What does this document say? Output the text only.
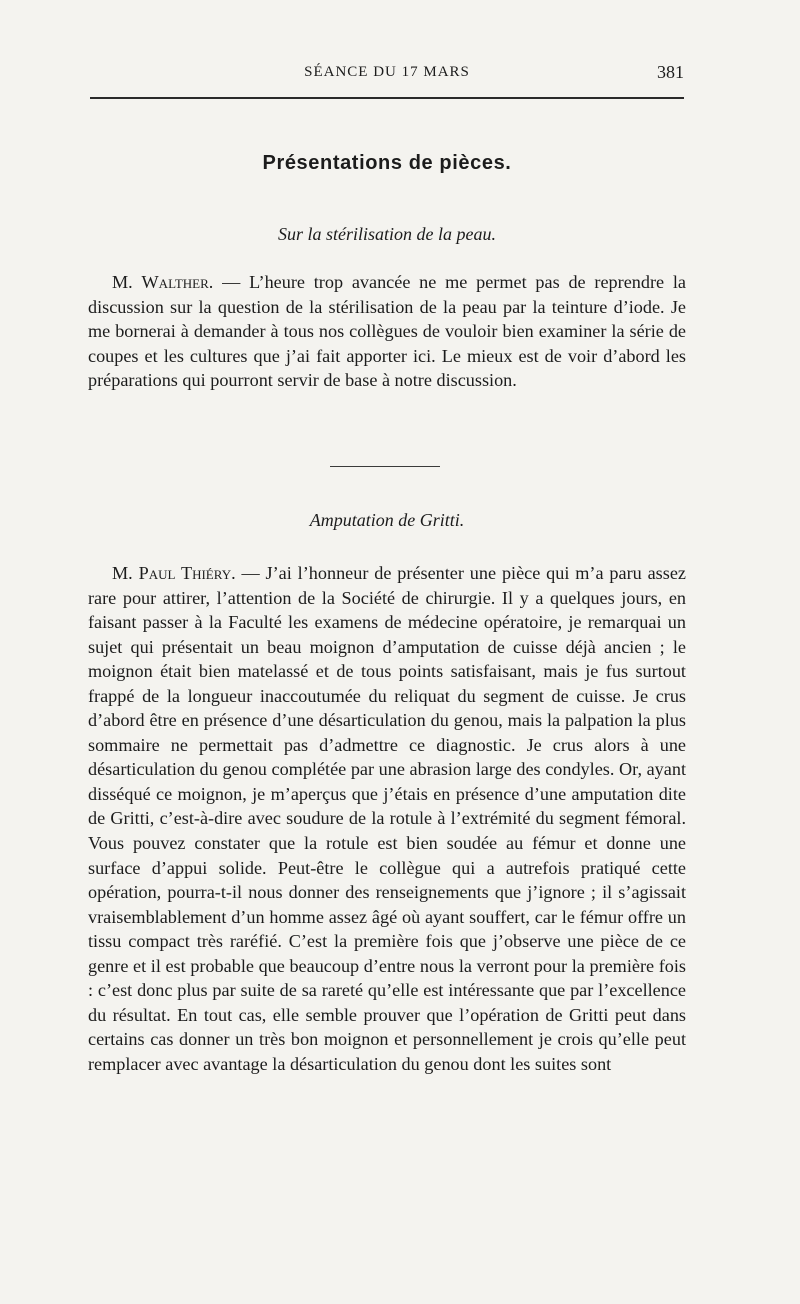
SÉANCE DU 17 MARS	381
Présentations de pièces.
Sur la stérilisation de la peau.

M. Walther. — L’heure trop avancée ne me permet pas de reprendre la discussion sur la question de la stérilisation de la peau par la teinture d’iode. Je me bornerai à demander à tous nos collègues de vouloir bien examiner la série de coupes et les cultures que j’ai fait apporter ici. Le mieux est de voir d’abord les préparations qui pourront servir de base à notre discussion.

Amputation de Gritti.

M. Paul Thiéry. — J’ai l’honneur de présenter une pièce qui m’a paru assez rare pour attirer, l’attention de la Société de chirurgie. Il y a quelques jours, en faisant passer à la Faculté les examens de médecine opératoire, je remarquai un sujet qui présentait un beau moignon d’amputation de cuisse déjà ancien ; le moignon était bien matelassé et de tous points satisfaisant, mais je fus surtout frappé de la longueur inaccoutumée du reliquat du segment de cuisse. Je crus d’abord être en présence d’une désarticulation du genou, mais la palpation la plus sommaire ne permettait pas d’admettre ce diagnostic. Je crus alors à une désarticulation du genou complétée par une abrasion large des condyles. Or, ayant disséqué ce moignon, je m’aperçus que j’étais en présence d’une amputation dite de Gritti, c’est-à-dire avec soudure de la rotule à l’extrémité du segment fémoral. Vous pouvez constater que la rotule est bien soudée au fémur et donne une surface d’appui solide. Peut-être le collègue qui a autrefois pratiqué cette opération, pourra-t-il nous donner des renseignements que j’ignore ; il s’agissait vraisemblablement d’un homme assez âgé où ayant souffert, car le fémur offre un tissu compact très raréfié. C’est la première fois que j’observe une pièce de ce genre et il est probable que beaucoup d’entre nous la verront pour la première fois : c’est donc plus par suite de sa rareté qu’elle est intéressante que par l’excellence du résultat. En tout cas, elle semble prouver que l’opération de Gritti peut dans certains cas donner un très bon moignon et personnellement je crois qu’elle peut remplacer avec avantage la désarticulation du genou dont les suites sont
